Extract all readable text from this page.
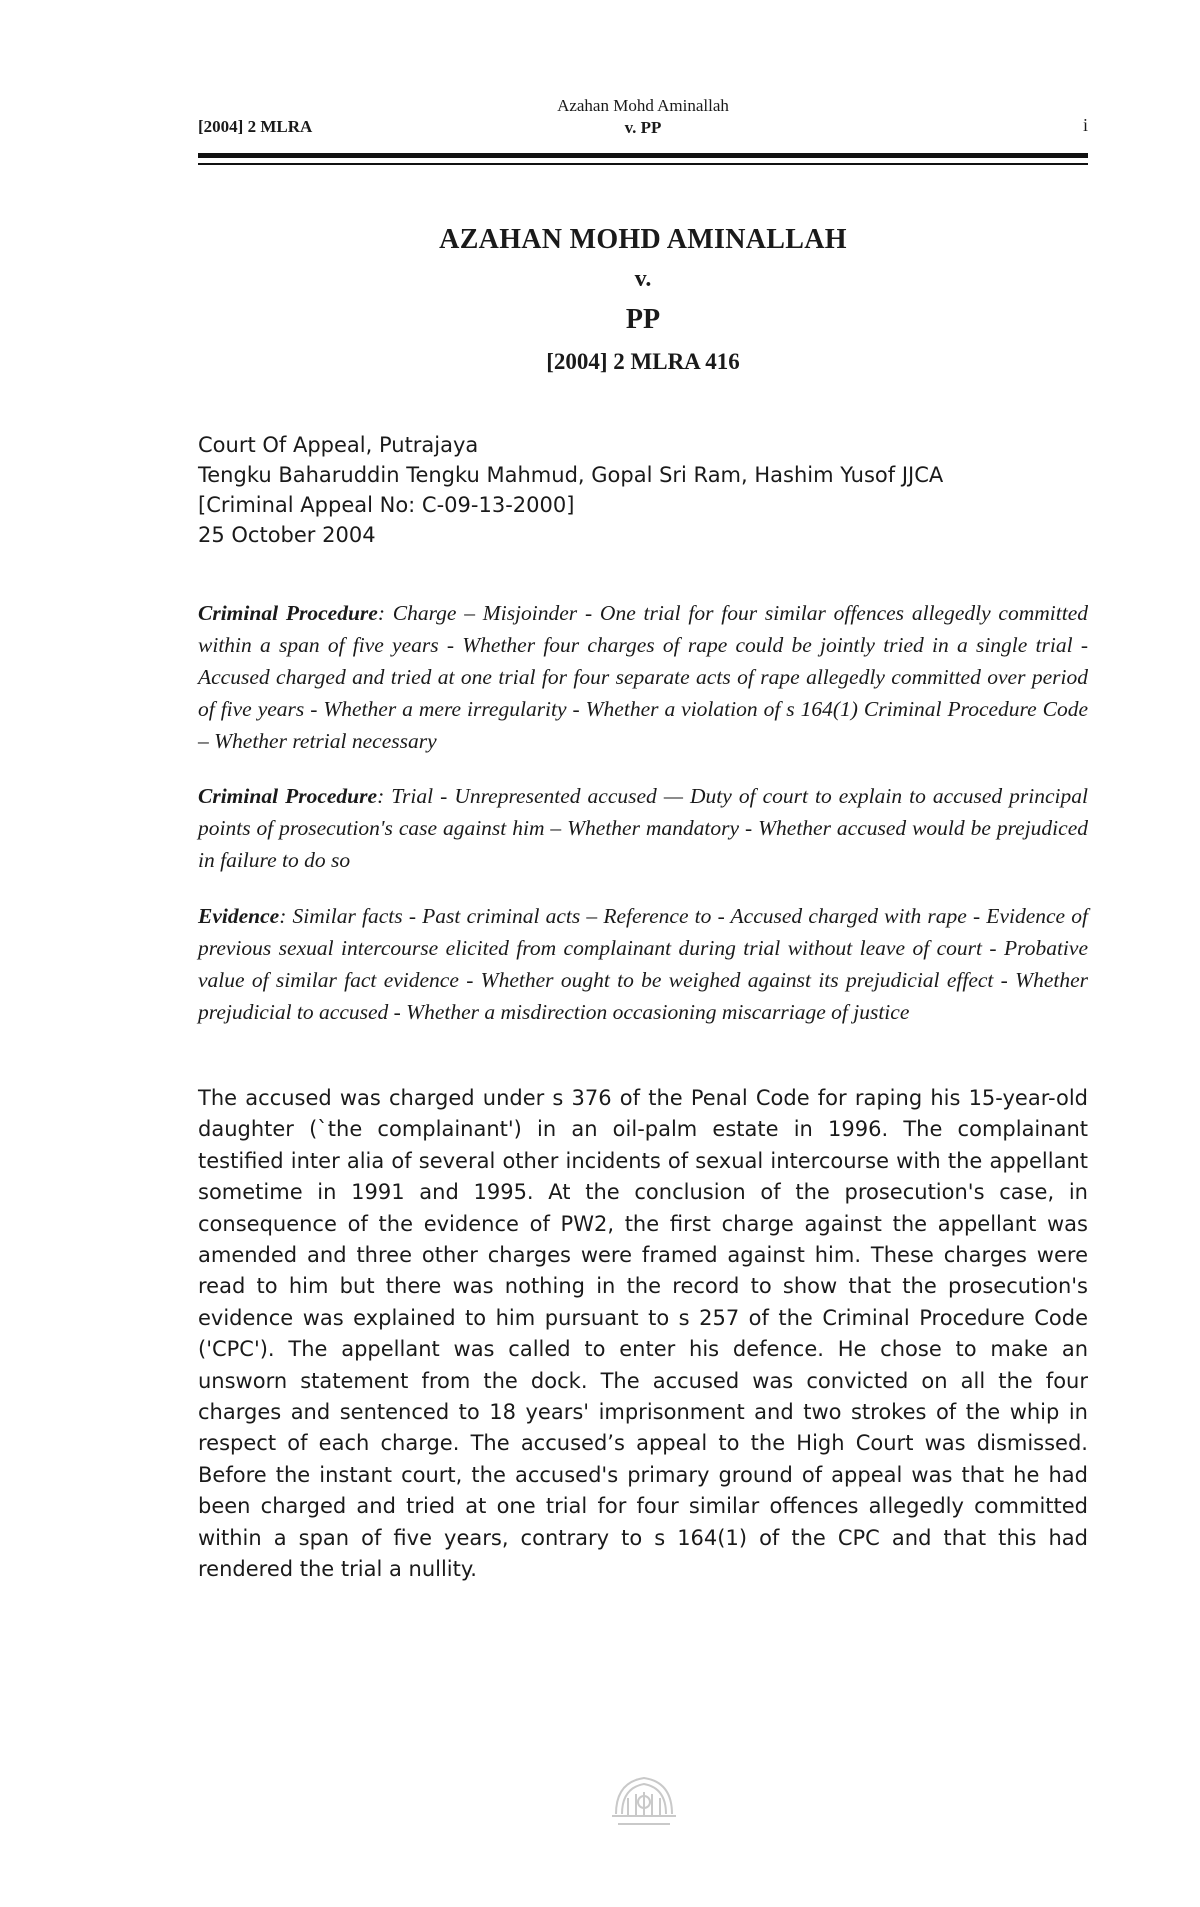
[2004] 2 MLRA
Azahan Mohd Aminallah
v. PP	i
AZAHAN MOHD AMINALLAH
v.
PP
[2004] 2 MLRA 416
Court Of Appeal, Putrajaya
Tengku Baharuddin Tengku Mahmud, Gopal Sri Ram, Hashim Yusof JJCA
[Criminal Appeal No: C-09-13-2000]
25 October 2004
Criminal Procedure: Charge – Misjoinder - One trial for four similar offences allegedly committed within a span of five years - Whether four charges of rape could be jointly tried in a single trial - Accused charged and tried at one trial for four separate acts of rape allegedly committed over period of five years - Whether a mere irregularity - Whether a violation of s 164(1) Criminal Procedure Code – Whether retrial necessary
Criminal Procedure: Trial - Unrepresented accused — Duty of court to explain to accused principal points of prosecution's case against him – Whether mandatory - Whether accused would be prejudiced in failure to do so
Evidence: Similar facts - Past criminal acts – Reference to - Accused charged with rape - Evidence of previous sexual intercourse elicited from complainant during trial without leave of court - Probative value of similar fact evidence - Whether ought to be weighed against its prejudicial effect - Whether prejudicial to accused - Whether a misdirection occasioning miscarriage of justice
The accused was charged under s 376 of the Penal Code for raping his 15-year-old daughter (`the complainant') in an oil-palm estate in 1996. The complainant testified inter alia of several other incidents of sexual intercourse with the appellant sometime in 1991 and 1995. At the conclusion of the prosecution's case, in consequence of the evidence of PW2, the first charge against the appellant was amended and three other charges were framed against him. These charges were read to him but there was nothing in the record to show that the prosecution's evidence was explained to him pursuant to s 257 of the Criminal Procedure Code ('CPC'). The appellant was called to enter his defence. He chose to make an unsworn statement from the dock. The accused was convicted on all the four charges and sentenced to 18 years' imprisonment and two strokes of the whip in respect of each charge. The accused’s appeal to the High Court was dismissed. Before the instant court, the accused's primary ground of appeal was that he had been charged and tried at one trial for four similar offences allegedly committed within a span of five years, contrary to s 164(1) of the CPC and that this had rendered the trial a nullity.
